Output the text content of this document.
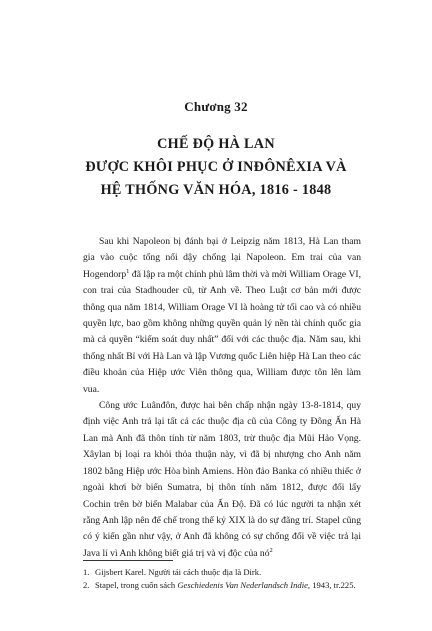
Chương 32
CHẾ ĐỘ HÀ LAN
ĐƯỢC KHÔI PHỤC Ở INĐÔNÊXIA VÀ
HỆ THỐNG VĂN HÓA, 1816 - 1848

Sau khi Napoleon bị đánh bại ở Leipzig năm 1813, Hà Lan tham gia vào cuộc tổng nổi dậy chống lại Napoleon. Em trai của van Hogendorp$^1$ đã lập ra một chính phủ lâm thời và mời William Orage VI, con trai của Stadhouder cũ, từ Anh về. Theo Luật cơ bản mới được thông qua năm 1814, William Orage VI là hoàng tử tối cao và có nhiều quyền lực, bao gồm không những quyền quản lý nền tài chính quốc gia mà cả quyền “kiểm soát duy nhất” đối với các thuộc địa. Năm sau, khi thống nhất Bỉ với Hà Lan và lập Vương quốc Liên hiệp Hà Lan theo các điều khoản của Hiệp ước Viên thông qua, William được tôn lên làm vua.

Công ước Luânđôn, được hai bên chấp nhận ngày 13-8-1814, quy định việc Anh trả lại tất cả các thuộc địa cũ của Công ty Đông Ấn Hà Lan mà Anh đã thôn tính từ năm 1803, trừ thuộc địa Mũi Hảo Vọng. Xâylan bị loại ra khỏi thỏa thuận này, vì đã bị nhượng cho Anh năm 1802 bằng Hiệp ước Hòa bình Amiens. Hòn đảo Banka có nhiều thiếc ở ngoài khơi bờ biển Sumatra, bị thôn tính năm 1812, được đổi lấy Cochin trên bờ biển Malabar của Ấn Độ. Đã có lúc người ta nhận xét rằng Anh lập nên để chế trong thế kỷ XIX là do sự đãng trí. Stapel cũng có ý kiến gần như vậy, ở Anh đã không có sự chống đối về việc trả lại Java lí vì Anh không biết giá trị và vị độc của $nó^2$

1. Gijsbert Karel. Người tái cách thuộc địa là Dirk.
2. Stapel, trong cuốn sách Geschiedenis Van Nederlandsch Indie, 1943, tr.225.
